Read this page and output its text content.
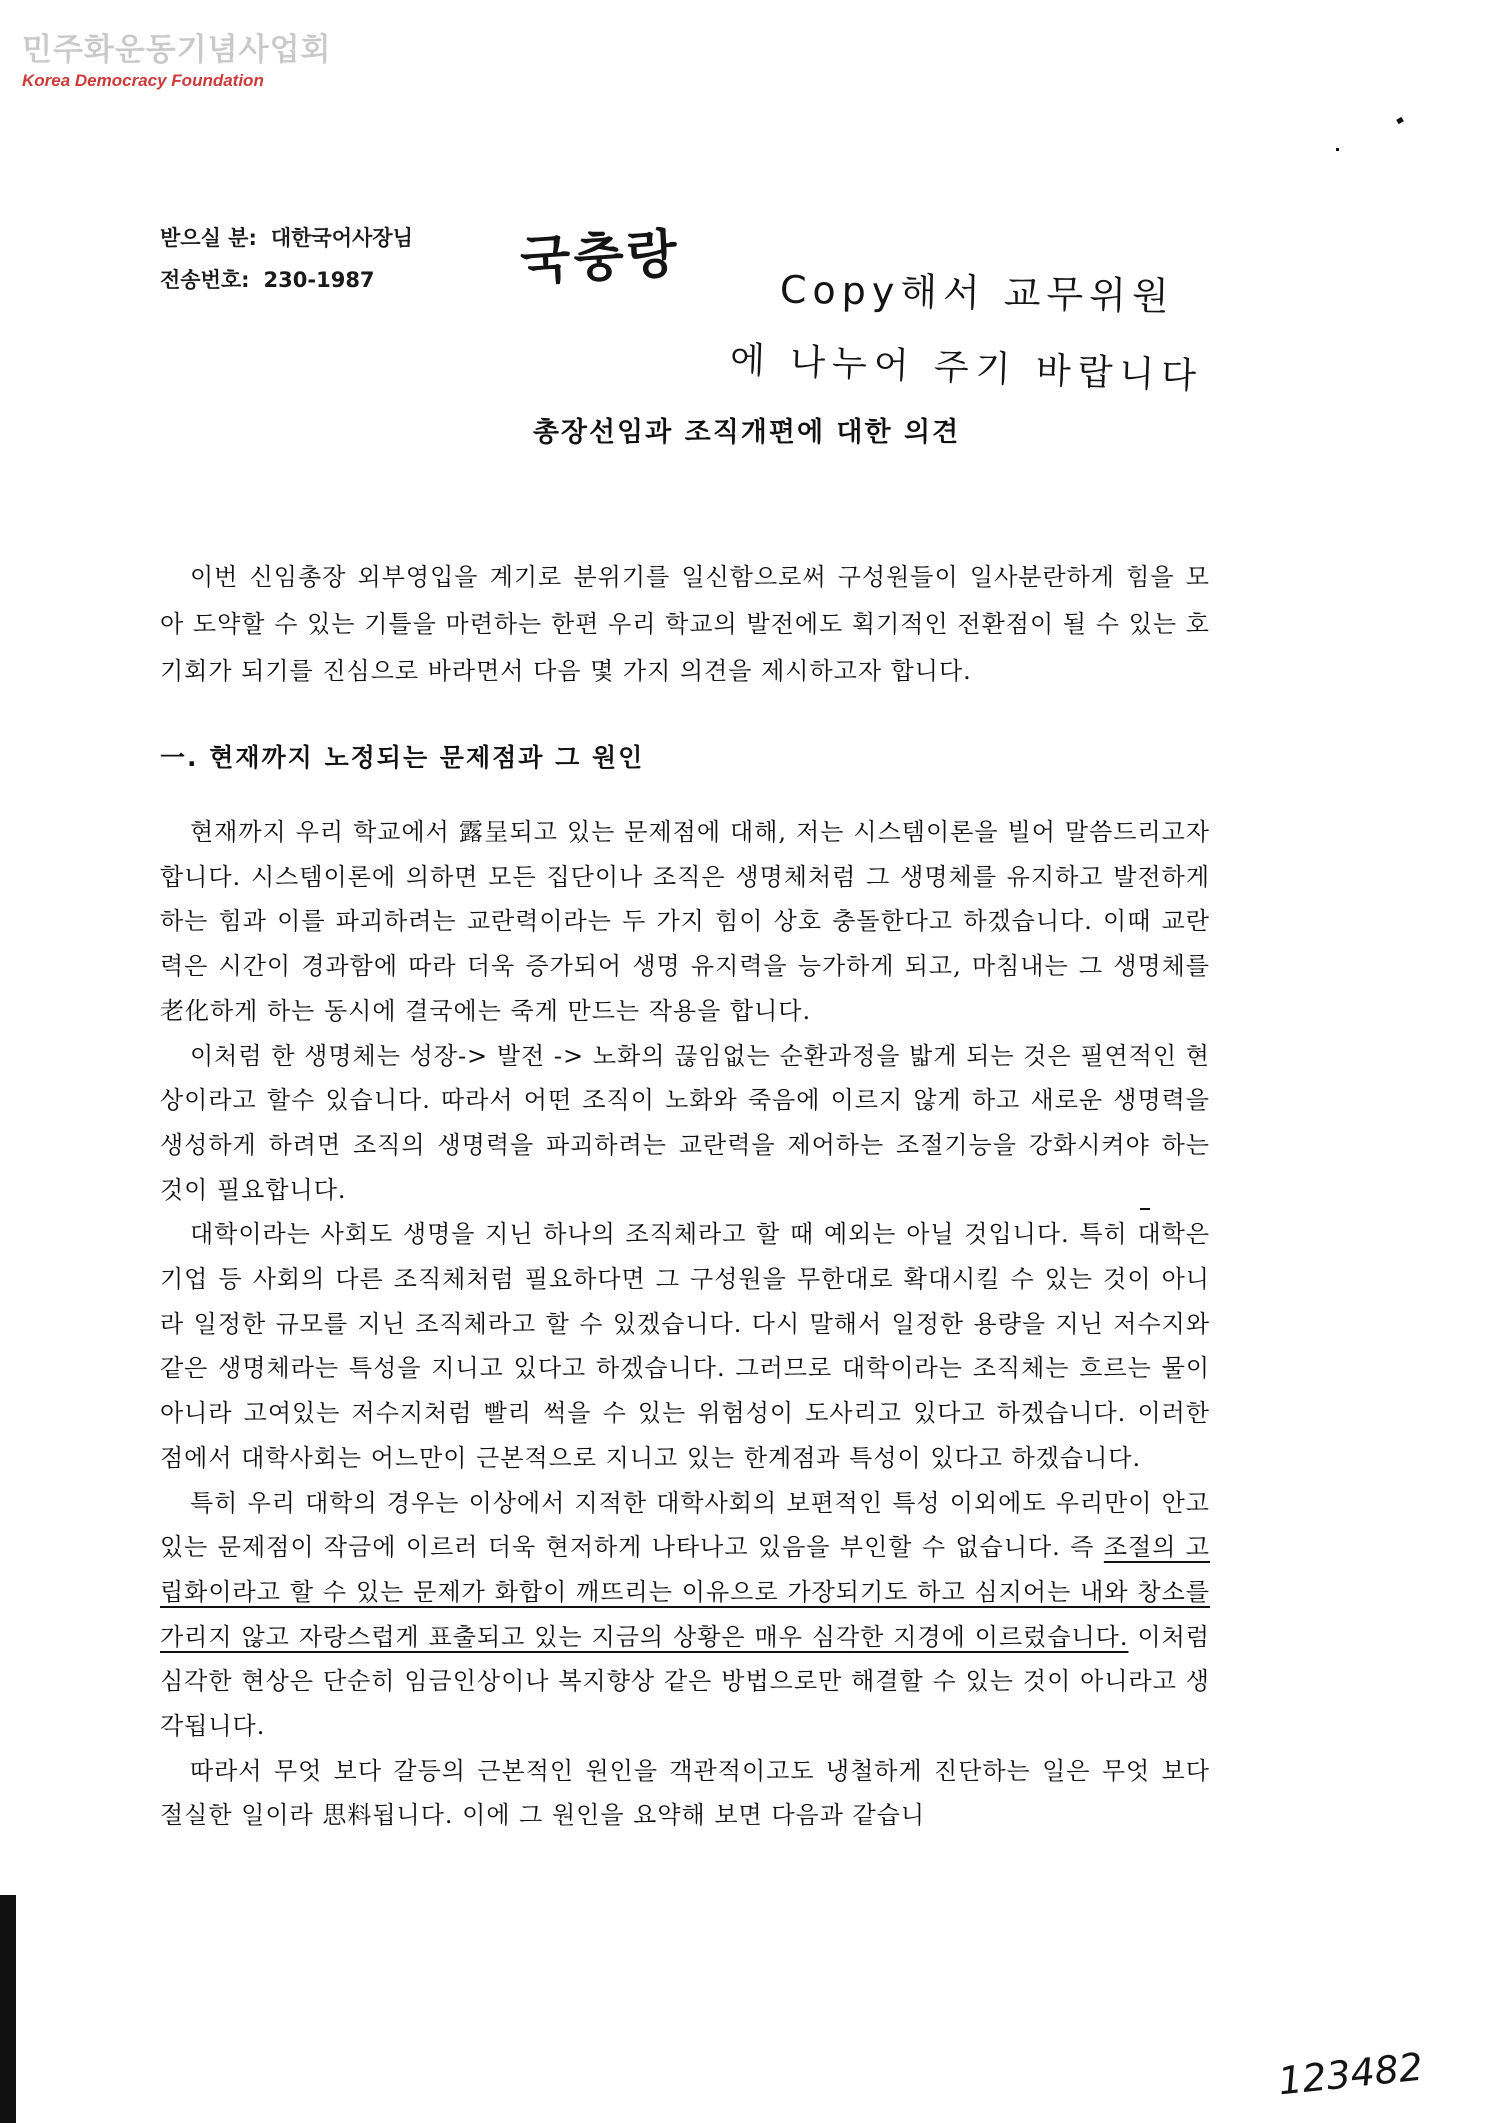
민주화운동기념사업회
Korea Democracy Foundation
받으실 분: 대한국어사장님
전송번호: 230-1987	국충랑
Copy해서 교무위원
에 나누어 주기 바랍니다
총장선임과 조직개편에 대한 의견

이번 신임총장 외부영입을 계기로 분위기를 일신함으로써 구성원들이 일사분란하게 힘을 모아 도약할 수 있는 기틀을 마련하는 한편 우리 학교의 발전에도 획기적인 전환점이 될 수 있는 호기회가 되기를 진심으로 바라면서 다음 몇 가지 의견을 제시하고자 합니다.

一. 현재까지 노정되는 문제점과 그 원인

현재까지 우리 학교에서 露呈되고 있는 문제점에 대해, 저는 시스템이론을 빌어 말씀드리고자 합니다. 시스템이론에 의하면 모든 집단이나 조직은 생명체처럼 그 생명체를 유지하고 발전하게 하는 힘과 이를 파괴하려는 교란력이라는 두 가지 힘이 상호 충돌한다고 하겠습니다. 이때 교란력은 시간이 경과함에 따라 더욱 증가되어 생명 유지력을 능가하게 되고, 마침내는 그 생명체를 老化하게 하는 동시에 결국에는 죽게 만드는 작용을 합니다.

이처럼 한 생명체는 성장-> 발전 -> 노화의 끊임없는 순환과정을 밟게 되는 것은 필연적인 현상이라고 할수 있습니다. 따라서 어떤 조직이 노화와 죽음에 이르지 않게 하고 새로운 생명력을 생성하게 하려면 조직의 생명력을 파괴하려는 교란력을 제어하는 조절기능을 강화시켜야 하는 것이 필요합니다.

대학이라는 사회도 생명을 지닌 하나의 조직체라고 할 때 예외는 아닐 것입니다. 특히 대학은 기업 등 사회의 다른 조직체처럼 필요하다면 그 구성원을 무한대로 확대시킬 수 있는 것이 아니라 일정한 규모를 지닌 조직체라고 할 수 있겠습니다. 다시 말해서 일정한 용량을 지닌 저수지와 같은 생명체라는 특성을 지니고 있다고 하겠습니다. 그러므로 대학이라는 조직체는 흐르는 물이 아니라 고여있는 저수지처럼 빨리 썩을 수 있는 위험성이 도사리고 있다고 하겠습니다. 이러한 점에서 대학사회는 어느만이 근본적으로 지니고 있는 한계점과 특성이 있다고 하겠습니다.

특히 우리 대학의 경우는 이상에서 지적한 대학사회의 보편적인 특성 이외에도 우리만이 안고 있는 문제점이 작금에 이르러 더욱 현저하게 나타나고 있음을 부인할 수 없습니다. 즉 조절의 고립화이라고 할 수 있는 문제가 화합이 깨뜨리는 이유으로 가장되기도 하고 심지어는 내와 창소를 가리지 않고 자랑스럽게 표출되고 있는 지금의 상황은 매우 심각한 지경에 이르렀습니다. 이처럼 심각한 현상은 단순히 임금인상이나 복지향상 같은 방법으로만 해결할 수 있는 것이 아니라고 생각됩니다.

따라서 무엇 보다 갈등의 근본적인 원인을 객관적이고도 냉철하게 진단하는 일은 무엇 보다 절실한 일이라 思料됩니다. 이에 그 원인을 요약해 보면 다음과 같습니

123482
